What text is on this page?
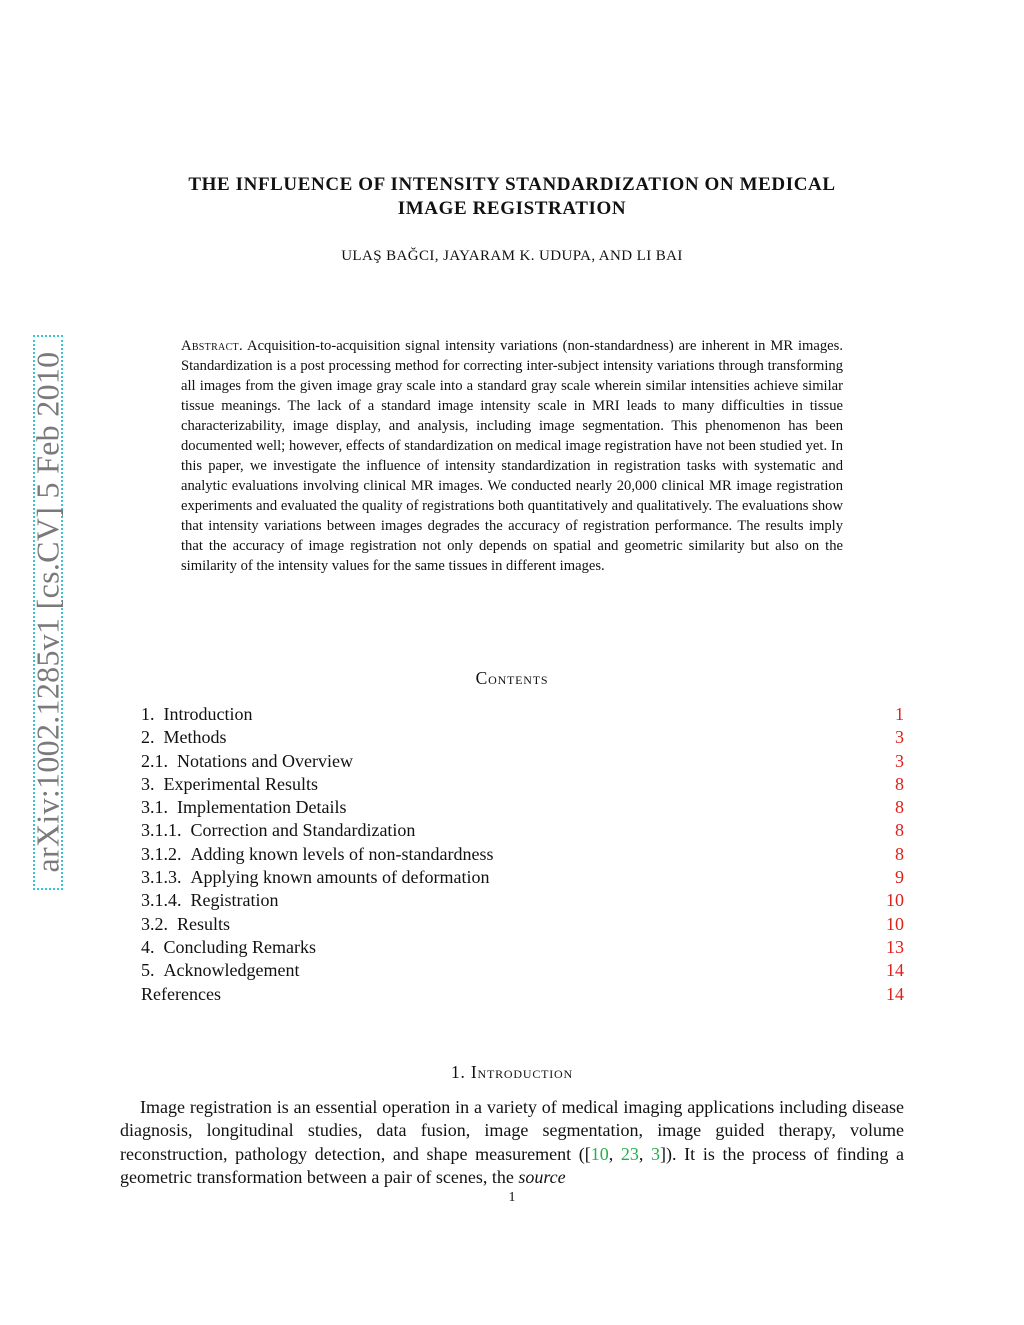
arXiv:1002.1285v1 [cs.CV] 5 Feb 2010
THE INFLUENCE OF INTENSITY STANDARDIZATION ON MEDICAL
IMAGE REGISTRATION
ULAŞ BAĞCI, JAYARAM K. UDUPA, AND LI BAI
Abstract. Acquisition-to-acquisition signal intensity variations (non-standardness) are inherent in MR images. Standardization is a post processing method for correcting inter-subject intensity variations through transforming all images from the given image gray scale into a standard gray scale wherein similar intensities achieve similar tissue meanings. The lack of a standard image intensity scale in MRI leads to many difficulties in tissue characterizability, image display, and analysis, including image segmentation. This phenomenon has been documented well; however, effects of standardization on medical image registration have not been studied yet. In this paper, we investigate the influence of intensity standardization in registration tasks with systematic and analytic evaluations involving clinical MR images. We conducted nearly 20,000 clinical MR image registration experiments and evaluated the quality of registrations both quantitatively and qualitatively. The evaluations show that intensity variations between images degrades the accuracy of registration performance. The results imply that the accuracy of image registration not only depends on spatial and geometric similarity but also on the similarity of the intensity values for the same tissues in different images.
Contents
1. Introduction	1
2. Methods	3
2.1. Notations and Overview	3
3. Experimental Results	8
3.1. Implementation Details	8
3.1.1. Correction and Standardization	8
3.1.2. Adding known levels of non-standardness	8
3.1.3. Applying known amounts of deformation	9
3.1.4. Registration	10
3.2. Results	10
4. Concluding Remarks	13
5. Acknowledgement	14
References	14
1. Introduction

Image registration is an essential operation in a variety of medical imaging applications including disease diagnosis, longitudinal studies, data fusion, image segmentation, image guided therapy, volume reconstruction, pathology detection, and shape measurement ([10, 23, 3]). It is the process of finding a geometric transformation between a pair of scenes, the source

1
